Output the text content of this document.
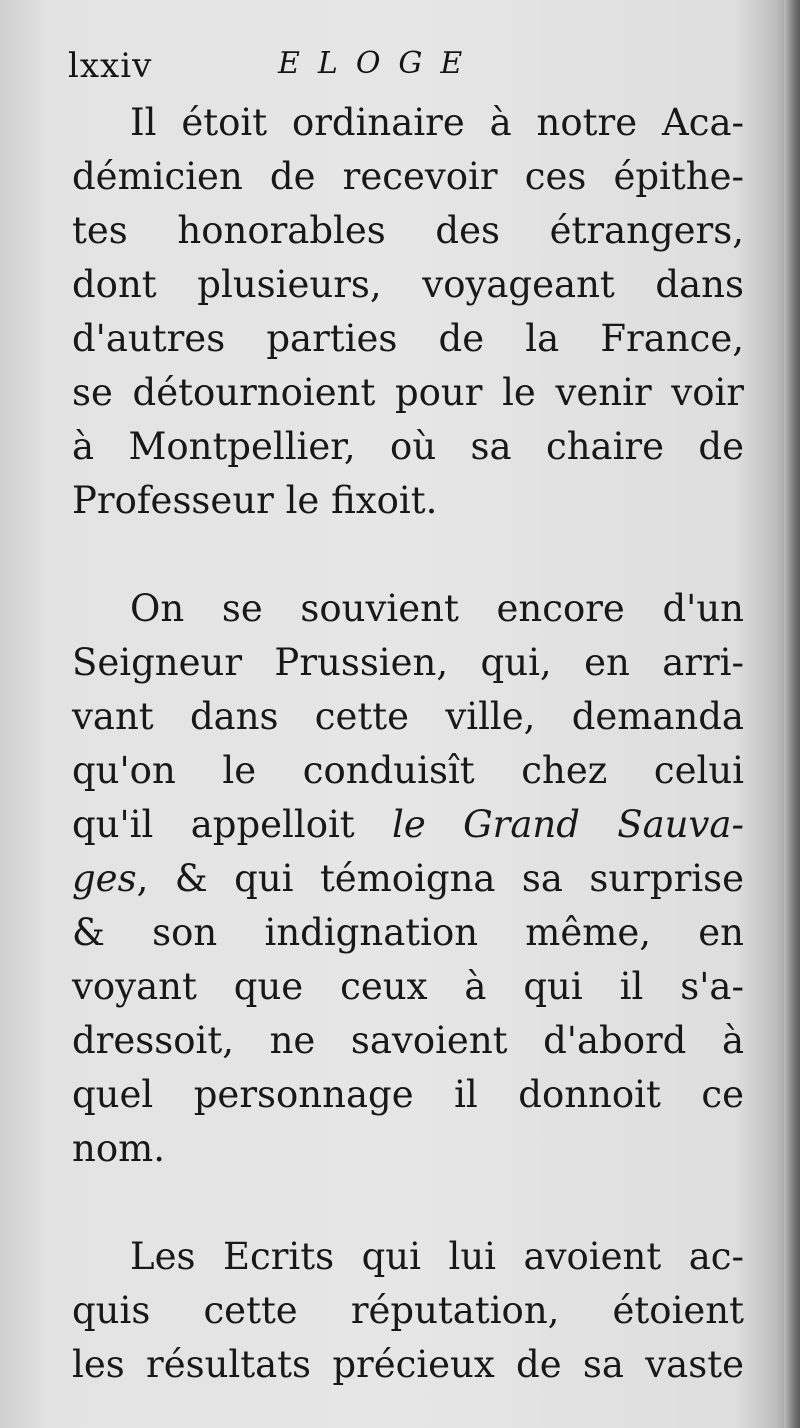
lxxiv	ELOGE

Il étoit ordinaire à notre Aca-
démicien de recevoir ces épithe-
tes honorables des étrangers,
dont plusieurs, voyageant dans
d'autres parties de la France,
se détournoient pour le venir voir
à Montpellier, où sa chaire de
Professeur le fixoit.

On se souvient encore d'un
Seigneur Prussien, qui, en arri-
vant dans cette ville, demanda
qu'on le conduisît chez celui
qu'il appelloit le Grand Sauva-
ges, & qui témoigna sa surprise
& son indignation même, en
voyant que ceux à qui il s'a-
dressoit, ne savoient d'abord à
quel personnage il donnoit ce
nom.

Les Ecrits qui lui avoient ac-
quis cette réputation, étoient
les résultats précieux de sa vaste
